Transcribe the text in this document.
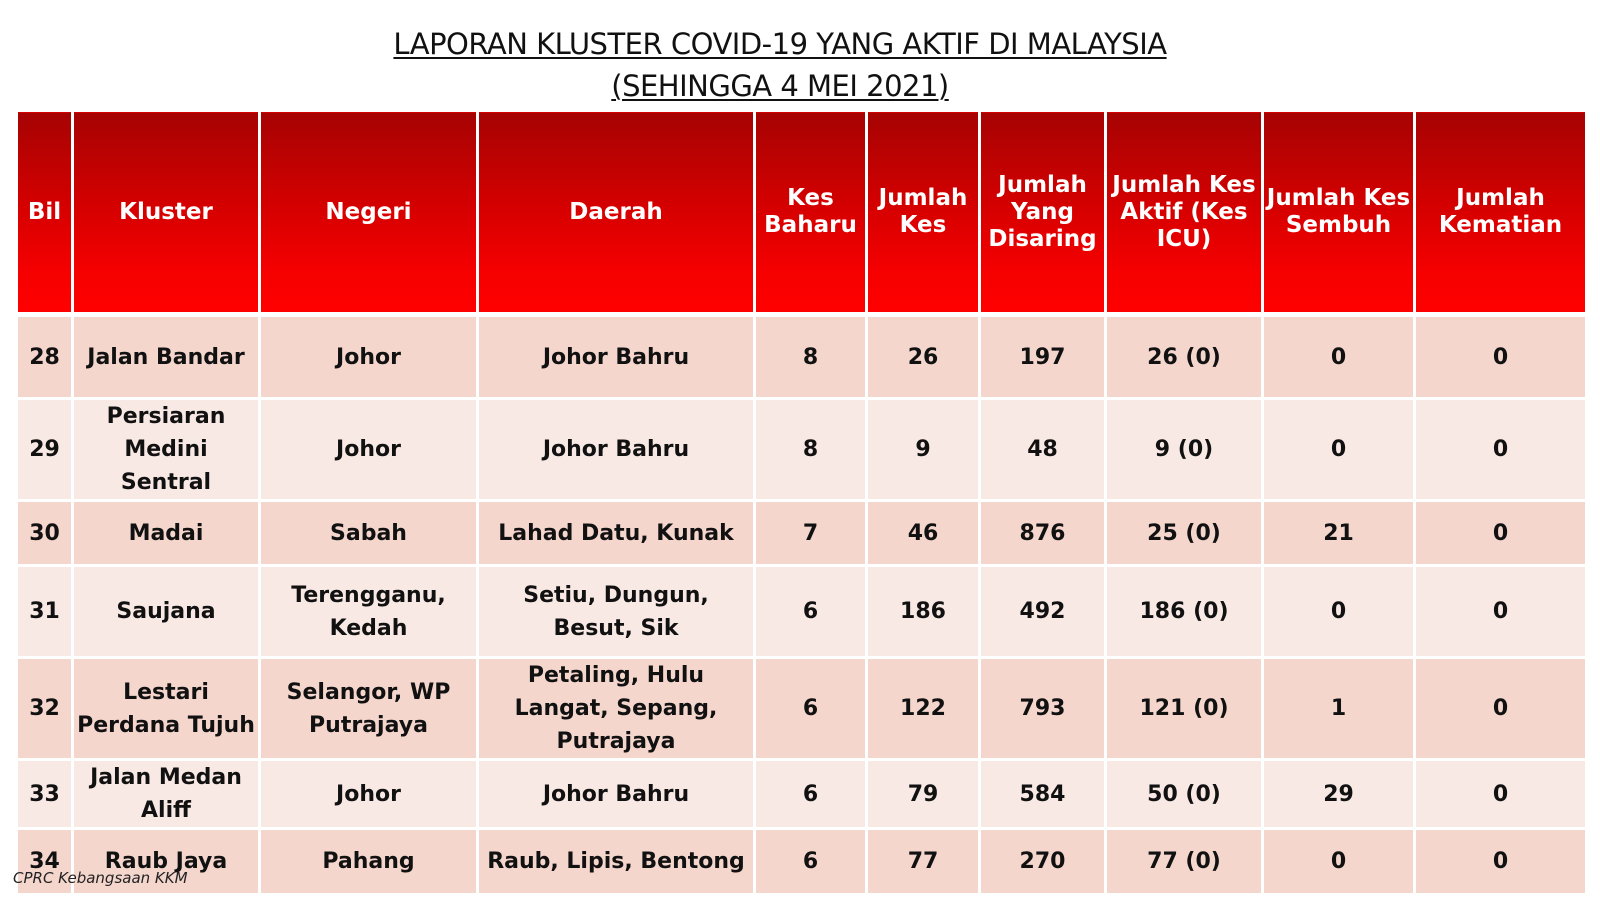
LAPORAN KLUSTER COVID-19 YANG AKTIF DI MALAYSIA
(SEHINGGA 4 MEI 2021)
Bil	Kluster	Negeri	Daerah	Kes Baharu	Jumlah Kes	Jumlah Yang Disaring	Jumlah Kes Aktif (Kes ICU)	Jumlah Kes Sembuh	Jumlah Kematian
28	Jalan Bandar	Johor	Johor Bahru	8	26	197	26 (0)	0	0
29	Persiaran Medini Sentral	Johor	Johor Bahru	8	9	48	9 (0)	0	0
30	Madai	Sabah	Lahad Datu, Kunak	7	46	876	25 (0)	21	0
31	Saujana	Terengganu, Kedah	Setiu, Dungun, Besut, Sik	6	186	492	186 (0)	0	0
32	Lestari Perdana Tujuh	Selangor, WP Putrajaya	Petaling, Hulu Langat, Sepang, Putrajaya	6	122	793	121 (0)	1	0
33	Jalan Medan Aliff	Johor	Johor Bahru	6	79	584	50 (0)	29	0
34	Raub Jaya	Pahang	Raub, Lipis, Bentong	6	77	270	77 (0)	0	0
CPRC Kebangsaan KKM
